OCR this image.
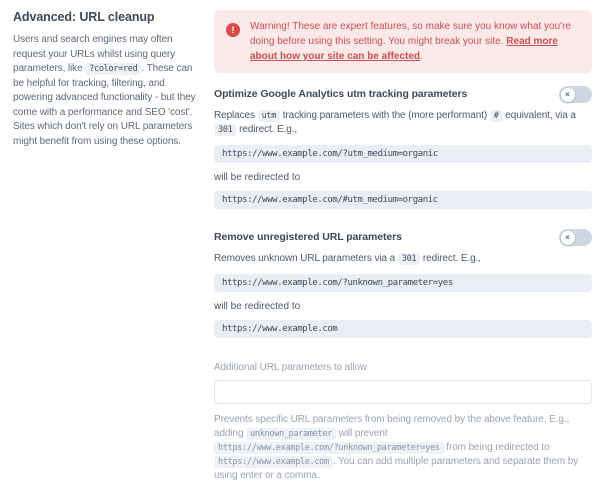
Advanced: URL cleanup

Users and search engines may often request your URLs whilst using query parameters, like ?color=red . These can be helpful for tracking, filtering, and powering advanced functionality - but they come with a performance and SEO 'cost'. Sites which don't rely on URL parameters might benefit from using these options.

!	Warning! These are expert features, so make sure you know what you're doing before using this setting. You might break your site. Read more about how your site can be affected.
Optimize Google Analytics utm tracking parameters	×
Replaces utm tracking parameters with the (more performant) # equivalent, via a 301 redirect. E.g.,
https://www.example.com/?utm_medium=organic
will be redirected to
https://www.example.com/#utm_medium=organic
Remove unregistered URL parameters	×
Removes unknown URL parameters via a 301 redirect. E.g.,
https://www.example.com/?unknown_parameter=yes
will be redirected to
https://www.example.com
Additional URL parameters to allow
Prevents specific URL parameters from being removed by the above feature. E.g., adding unknown_parameter will prevent https://www.example.com/?unknown_parameter=yes from being redirected to https://www.example.com . You can add multiple parameters and separate them by using enter or a comma.
